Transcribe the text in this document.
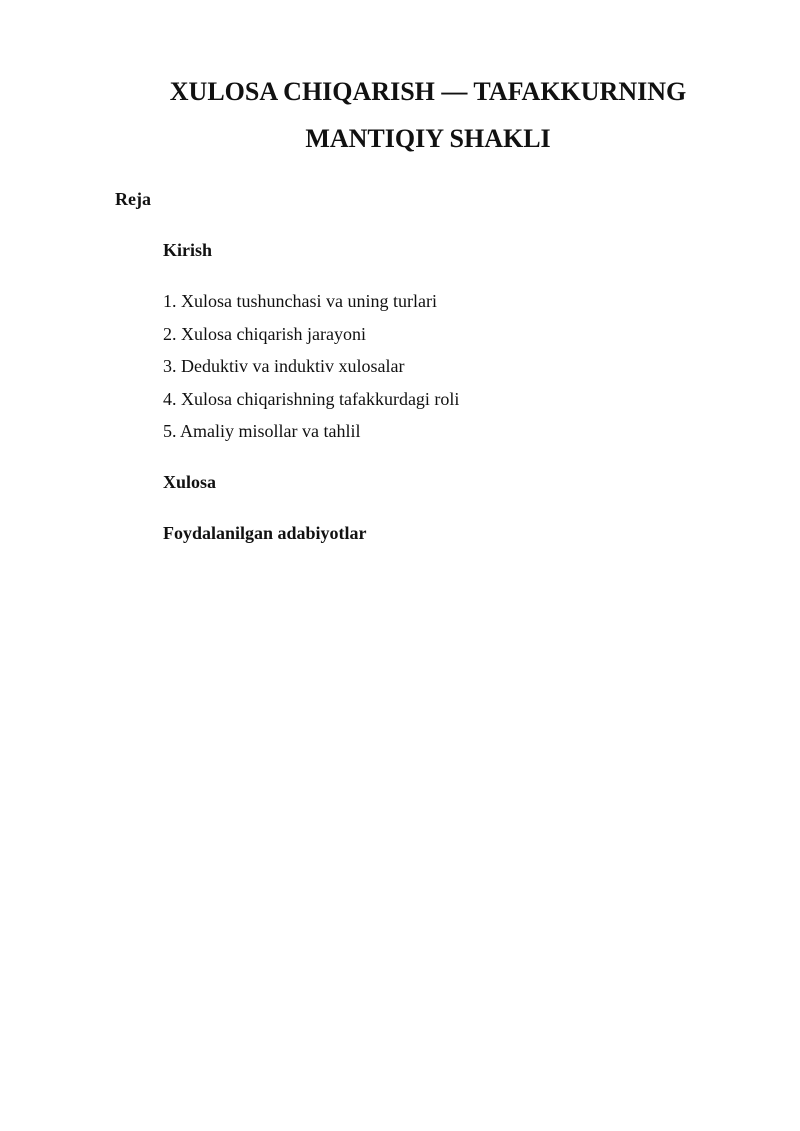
XULOSA CHIQARISH — TAFAKKURNING
MANTIQIY SHAKLI

Reja

Kirish

1. Xulosa tushunchasi va uning turlari
2. Xulosa chiqarish jarayoni
3. Deduktiv va induktiv xulosalar
4. Xulosa chiqarishning tafakkurdagi roli
5. Amaliy misollar va tahlil

Xulosa

Foydalanilgan adabiyotlar
